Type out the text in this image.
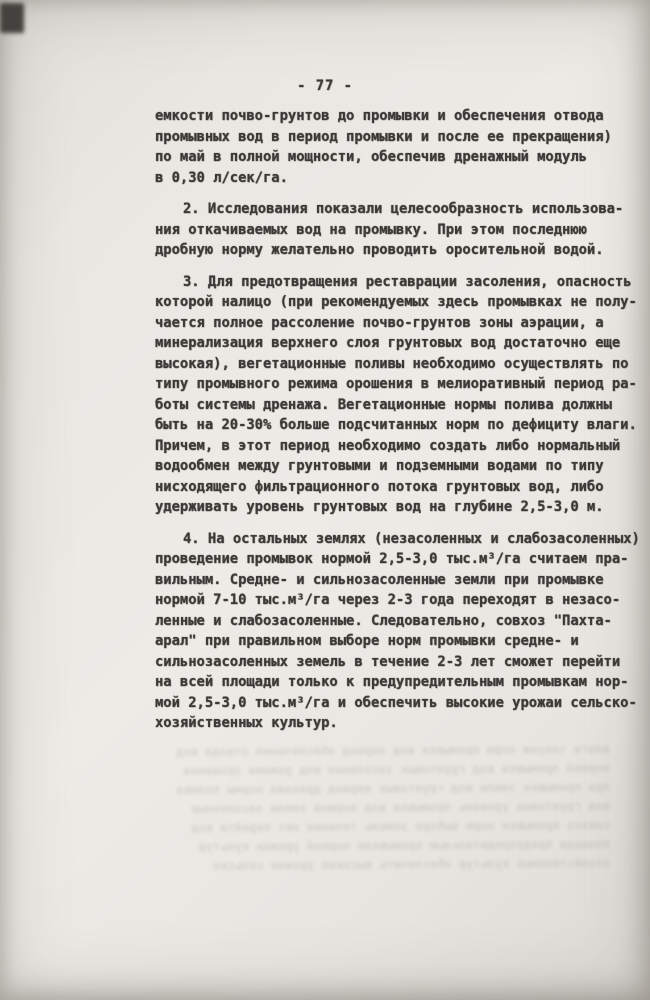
- 77 -

емкости почво-грунтов до промывки и обеспечения отвода
промывных вод в период промывки и после ее прекращения)
по май в полной мощности, обеспечив дренажный модуль
в 0,30 л/сек/га.

2. Исследования показали целесообразность использова-
ния откачиваемых вод на промывку. При этом последнюю
дробную норму желательно проводить оросительной водой.

3. Для предотвращения реставрации засоления, опасность
которой налицо (при рекомендуемых здесь промывках не полу-
чается полное рассоление почво-грунтов зоны аэрации, а
минерализация верхнего слоя грунтовых вод достаточно еще
высокая), вегетационные поливы необходимо осуществлять по
типу промывного режима орошения в мелиоративный период ра-
боты системы дренажа. Вегетационные нормы полива должны
быть на 20-30% больше подсчитанных норм по дефициту влаги.
Причем, в этот период необходимо создать либо нормальный
водообмен между грунтовыми и подземными водами по типу
нисходящего фильтрационного потока грунтовых вод, либо
удерживать уровень грунтовых вод на глубине 2,5-3,0 м.

4. На остальных землях (незасоленных и слабозасоленных)
проведение промывок нормой 2,5-3,0 тыс.м³/га считаем пра-
вильным. Средне- и сильнозасоленные земли при промывке
нормой 7-10 тыс.м³/га через 2-3 года переходят в незасо-
ленные и слабозасоленные. Следовательно, совхоз "Пахта-
арал" при правильном выборе норм промывки средне- и
сильнозасоленных земель в течение 2-3 лет сможет перейти
на всей площади только к предупредительным промывкам нор-
мой 2,5-3,0 тыс.м³/га и обеспечить высокие урожаи сельско-
хозяйственных культур.

влаги техуиж норм промывки вод период обеспечения отвода вод
нормой промывки вод грунтовых засоления вод режима орошения
при промывке земли вод грунтовых период дренажа нормы полива
вод грунтовых уровень промывки вод нормой земли засоленные
совхоз промывки норм выборе земель течение лет перейти вод
площади предупредительным промывкам нормой урожаи культур
хозяйственных культур обеспечить высокие урожаи сельско
